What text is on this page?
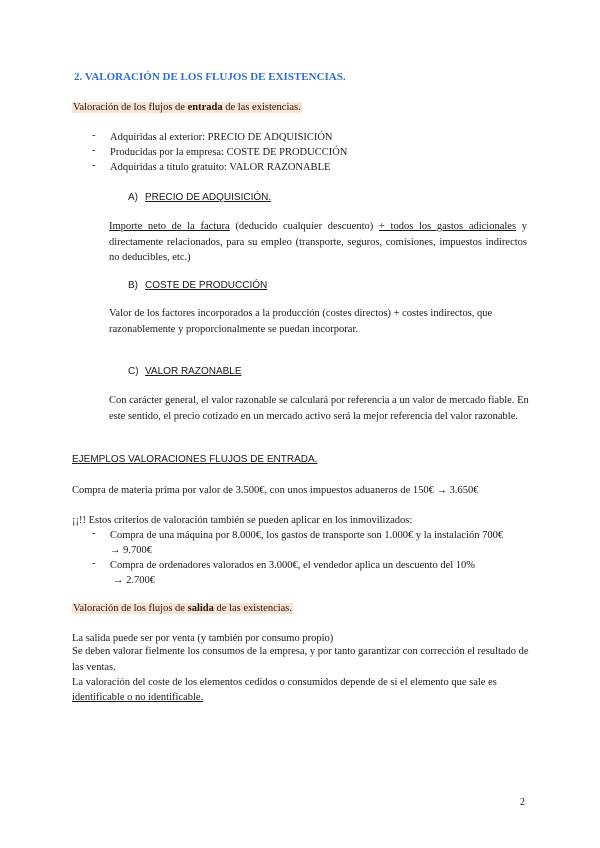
2. VALORACIÓN DE LOS FLUJOS DE EXISTENCIAS.
Valoración de los flujos de entrada de las existencias.
- Adquiridas al exterior: PRECIO DE ADQUISICIÓN
- Producidas por la empresa: COSTE DE PRODUCCIÓN
- Adquiridas a título gratuito: VALOR RAZONABLE
A) PRECIO DE ADQUISICIÓN.
Importe neto de la factura (deducido cualquier descuento) + todos los gastos adicionales y directamente relacionados, para su empleo (transporte, seguros, comisiones, impuestos indirectos no deducibles, etc.)
B) COSTE DE PRODUCCIÓN
Valor de los factores incorporados a la producción (costes directos) + costes indirectos, que razonablemente y proporcionalmente se puedan incorporar.
C) VALOR RAZONABLE
Con carácter general, el valor razonable se calculará por referencia a un valor de mercado fiable. En este sentido, el precio cotizado en un mercado activo será la mejor referencia del valor razonable.
EJEMPLOS VALORACIONES FLUJOS DE ENTRADA.
Compra de materia prima por valor de 3.500€, con unos impuestos aduaneros de 150€ → 3.650€
¡¡!! Estos criterios de valoración también se pueden aplicar en los inmovilizados:
- Compra de una máquina por 8.000€, los gastos de transporte son 1.000€ y la instalación 700€
→ 9.700€
- Compra de ordenadores valorados en 3.000€, el vendedor aplica un descuento del 10%
→ 2.700€
Valoración de los flujos de salida de las existencias.
La salida puede ser por venta (y también por consumo propio)
Se deben valorar fielmente los consumos de la empresa, y por tanto garantizar con corrección el resultado de las ventas.
La valoración del coste de los elementos cedidos o consumidos depende de si el elemento que sale es
identificable o no identificable.
2
